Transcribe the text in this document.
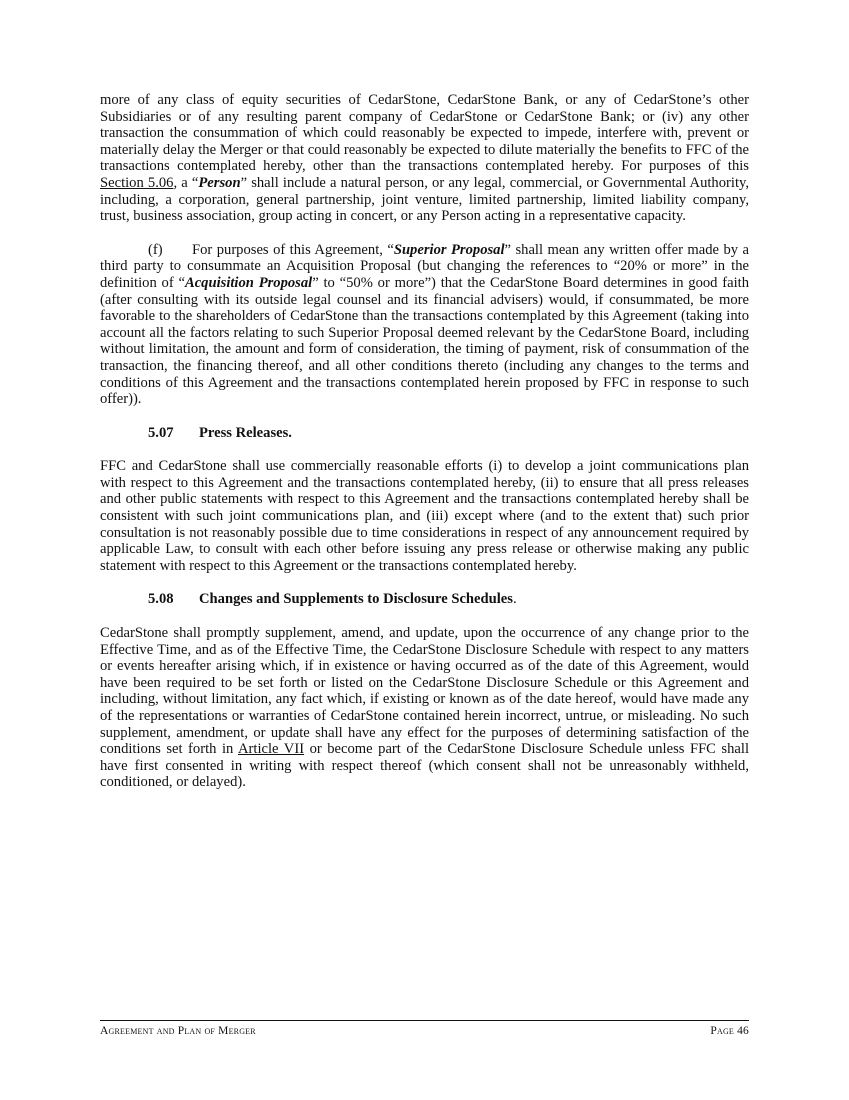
more of any class of equity securities of CedarStone, CedarStone Bank, or any of CedarStone’s other Subsidiaries or of any resulting parent company of CedarStone or CedarStone Bank; or (iv) any other transaction the consummation of which could reasonably be expected to impede, interfere with, prevent or materially delay the Merger or that could reasonably be expected to dilute materially the benefits to FFC of the transactions contemplated hereby, other than the transactions contemplated hereby. For purposes of this Section 5.06, a “Person” shall include a natural person, or any legal, commercial, or Governmental Authority, including, a corporation, general partnership, joint venture, limited partnership, limited liability company, trust, business association, group acting in concert, or any Person acting in a representative capacity.

(f) For purposes of this Agreement, “Superior Proposal” shall mean any written offer made by a third party to consummate an Acquisition Proposal (but changing the references to “20% or more” in the definition of “Acquisition Proposal” to “50% or more”) that the CedarStone Board determines in good faith (after consulting with its outside legal counsel and its financial advisers) would, if consummated, be more favorable to the shareholders of CedarStone than the transactions contemplated by this Agreement (taking into account all the factors relating to such Superior Proposal deemed relevant by the CedarStone Board, including without limitation, the amount and form of consideration, the timing of payment, risk of consummation of the transaction, the financing thereof, and all other conditions thereto (including any changes to the terms and conditions of this Agreement and the transactions contemplated herein proposed by FFC in response to such offer)).

5.07 Press Releases.

FFC and CedarStone shall use commercially reasonable efforts (i) to develop a joint communications plan with respect to this Agreement and the transactions contemplated hereby, (ii) to ensure that all press releases and other public statements with respect to this Agreement and the transactions contemplated hereby shall be consistent with such joint communications plan, and (iii) except where (and to the extent that) such prior consultation is not reasonably possible due to time considerations in respect of any announcement required by applicable Law, to consult with each other before issuing any press release or otherwise making any public statement with respect to this Agreement or the transactions contemplated hereby.

5.08 Changes and Supplements to Disclosure Schedules.

CedarStone shall promptly supplement, amend, and update, upon the occurrence of any change prior to the Effective Time, and as of the Effective Time, the CedarStone Disclosure Schedule with respect to any matters or events hereafter arising which, if in existence or having occurred as of the date of this Agreement, would have been required to be set forth or listed on the CedarStone Disclosure Schedule or this Agreement and including, without limitation, any fact which, if existing or known as of the date hereof, would have made any of the representations or warranties of CedarStone contained herein incorrect, untrue, or misleading. No such supplement, amendment, or update shall have any effect for the purposes of determining satisfaction of the conditions set forth in Article VII or become part of the CedarStone Disclosure Schedule unless FFC shall have first consented in writing with respect thereof (which consent shall not be unreasonably withheld, conditioned, or delayed).

Agreement and Plan of Merger	Page 46
